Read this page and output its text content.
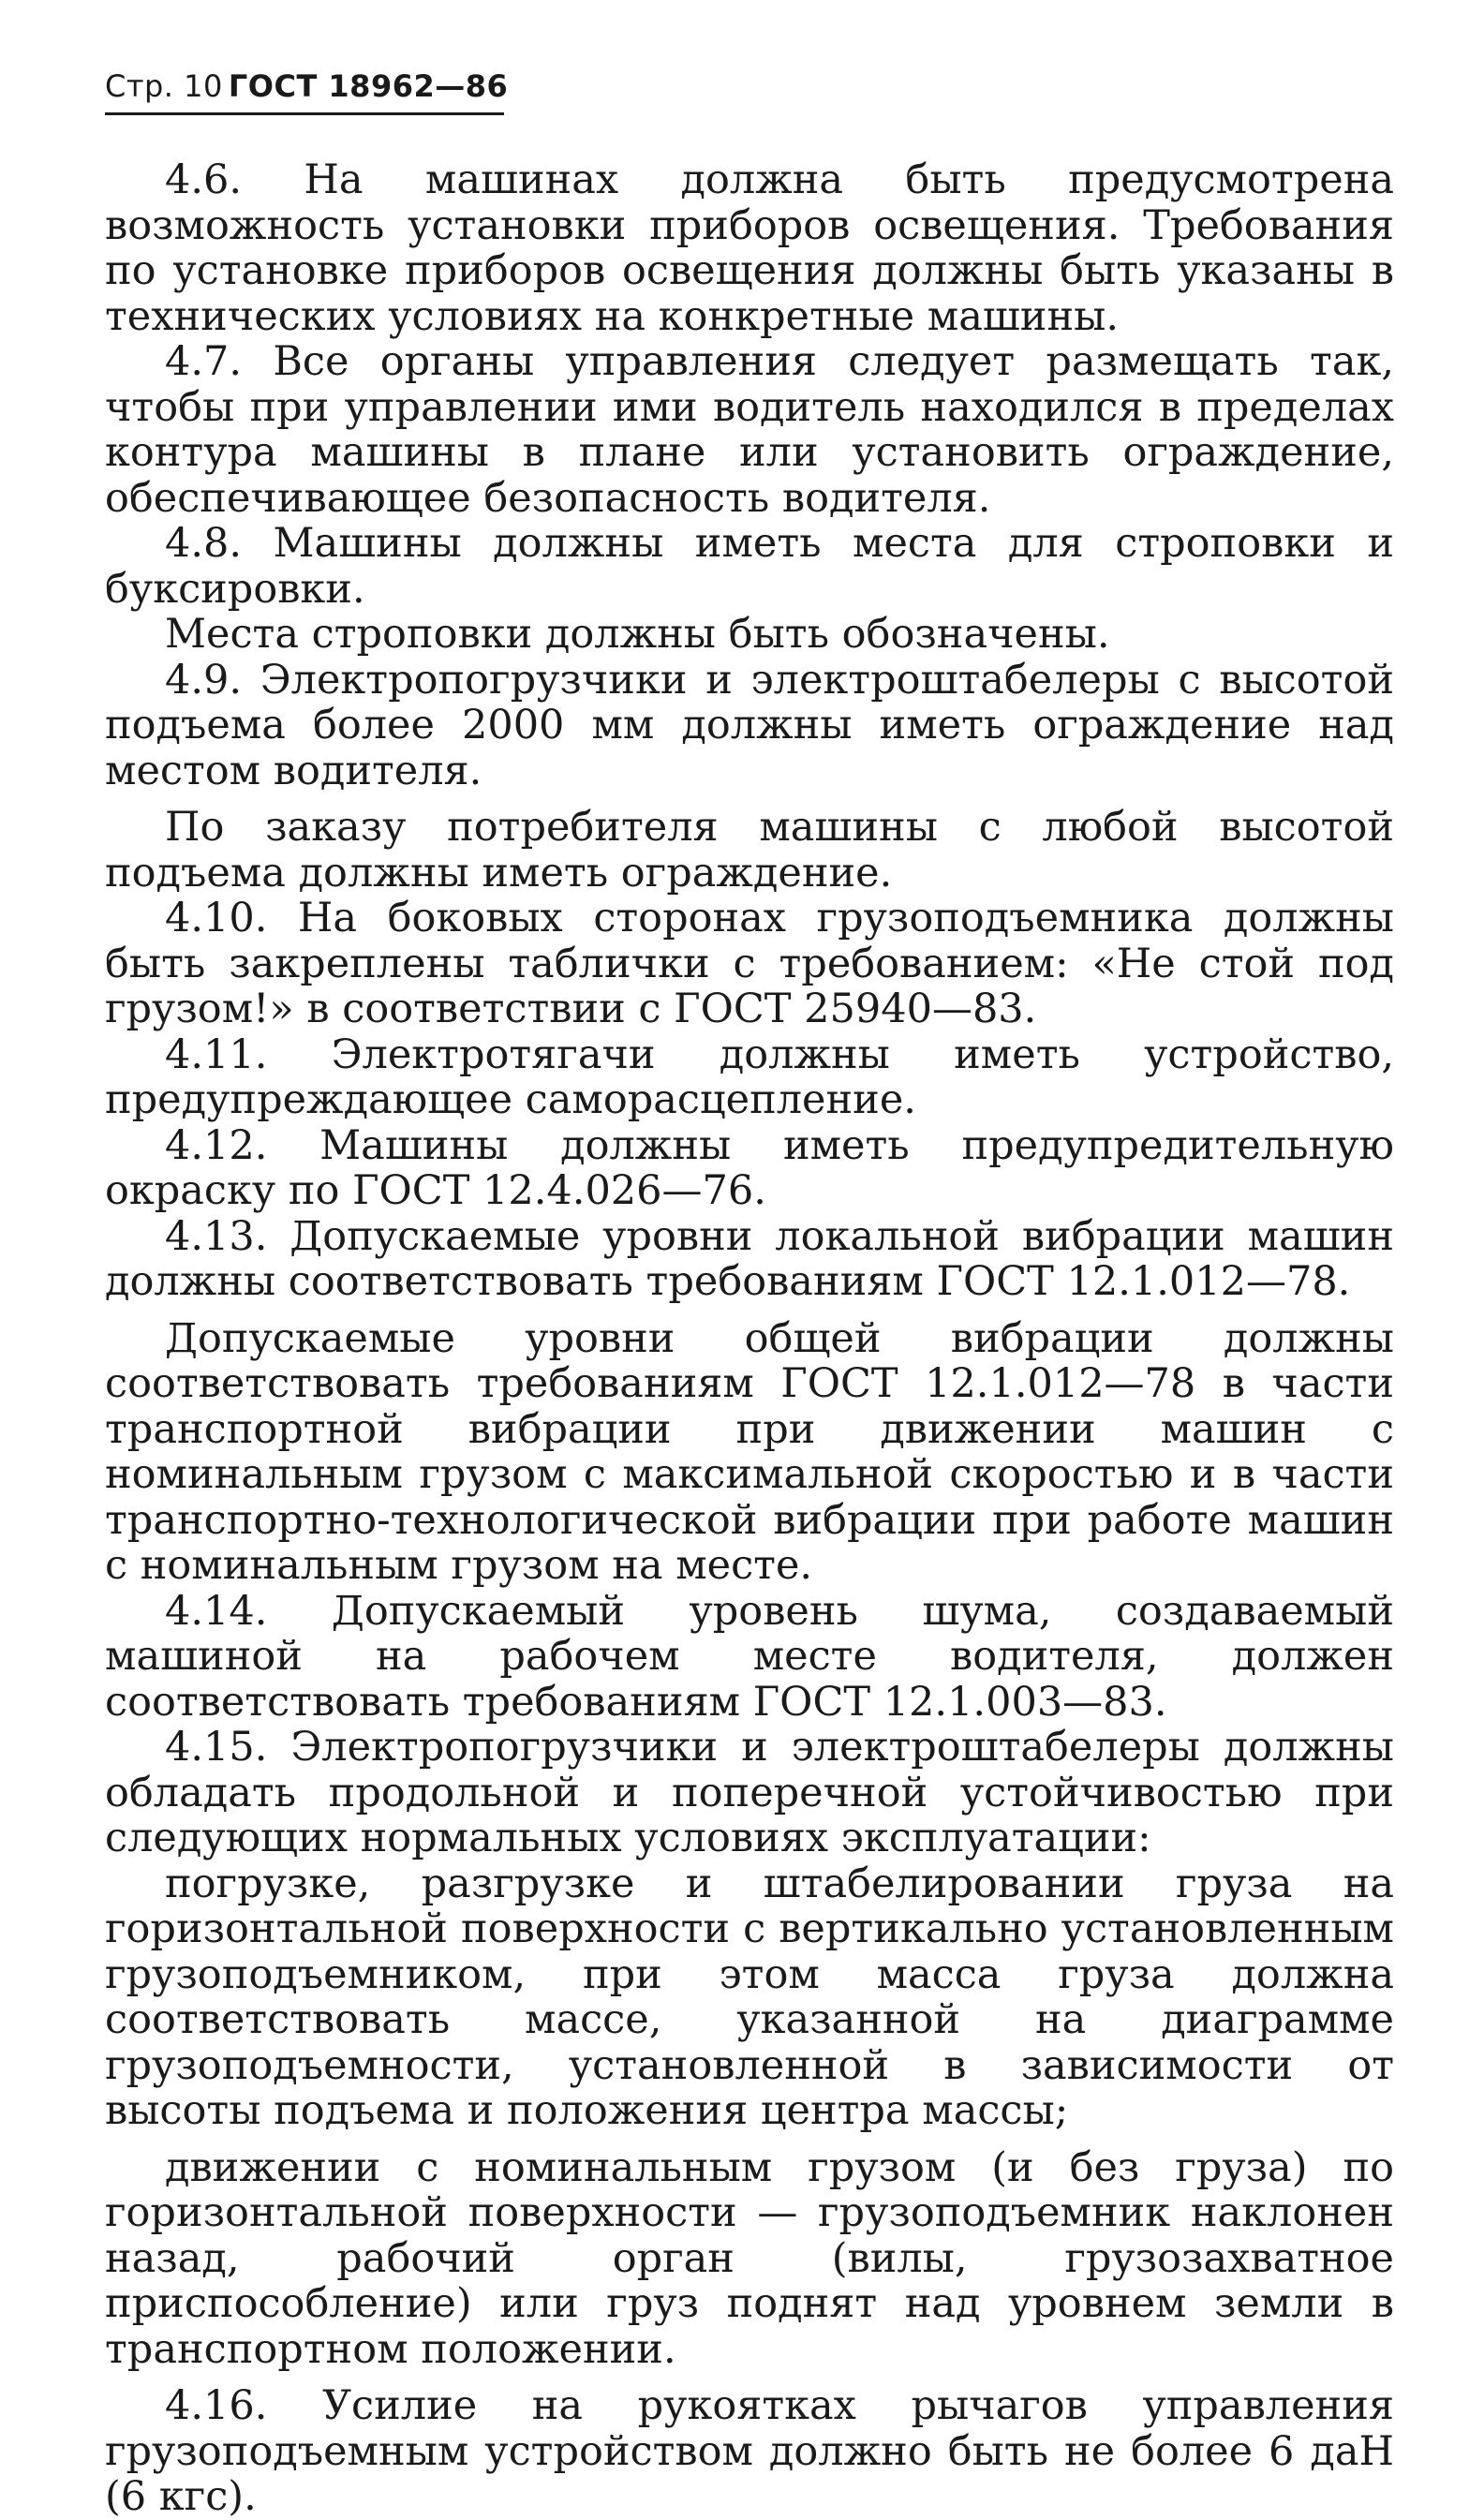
Стр. 10 ГОСТ 18962—86

4.6. На машинах должна быть предусмотрена возможность установки приборов освещения. Требования по установке приборов освещения должны быть указаны в технических условиях на конкретные машины.

4.7. Все органы управления следует размещать так, чтобы при управлении ими водитель находился в пределах контура машины в плане или установить ограждение, обеспечивающее безопасность водителя.

4.8. Машины должны иметь места для строповки и буксировки.

Места строповки должны быть обозначены.

4.9. Электропогрузчики и электроштабелеры с высотой подъема более 2000 мм должны иметь ограждение над местом водителя.

По заказу потребителя машины с любой высотой подъема должны иметь ограждение.

4.10. На боковых сторонах грузоподъемника должны быть закреплены таблички с требованием: «Не стой под грузом!» в соответствии с ГОСТ 25940—83.

4.11. Электротягачи должны иметь устройство, предупреждающее саморасцепление.

4.12. Машины должны иметь предупредительную окраску по ГОСТ 12.4.026—76.

4.13. Допускаемые уровни локальной вибрации машин должны соответствовать требованиям ГОСТ 12.1.012—78.

Допускаемые уровни общей вибрации должны соответствовать требованиям ГОСТ 12.1.012—78 в части транспортной вибрации при движении машин с номинальным грузом с максимальной скоростью и в части транспортно-технологической вибрации при работе машин с номинальным грузом на месте.

4.14. Допускаемый уровень шума, создаваемый машиной на рабочем месте водителя, должен соответствовать требованиям ГОСТ 12.1.003—83.

4.15. Электропогрузчики и электроштабелеры должны обладать продольной и поперечной устойчивостью при следующих нормальных условиях эксплуатации:

погрузке, разгрузке и штабелировании груза на горизонтальной поверхности с вертикально установленным грузоподъемником, при этом масса груза должна соответствовать массе, указанной на диаграмме грузоподъемности, установленной в зависимости от высоты подъема и положения центра массы;

движении с номинальным грузом (и без груза) по горизонтальной поверхности — грузоподъемник наклонен назад, рабочий орган (вилы, грузозахватное приспособление) или груз поднят над уровнем земли в транспортном положении.

4.16. Усилие на рукоятках рычагов управления грузоподъемным устройством должно быть не более 6 даН (6 кгс).
